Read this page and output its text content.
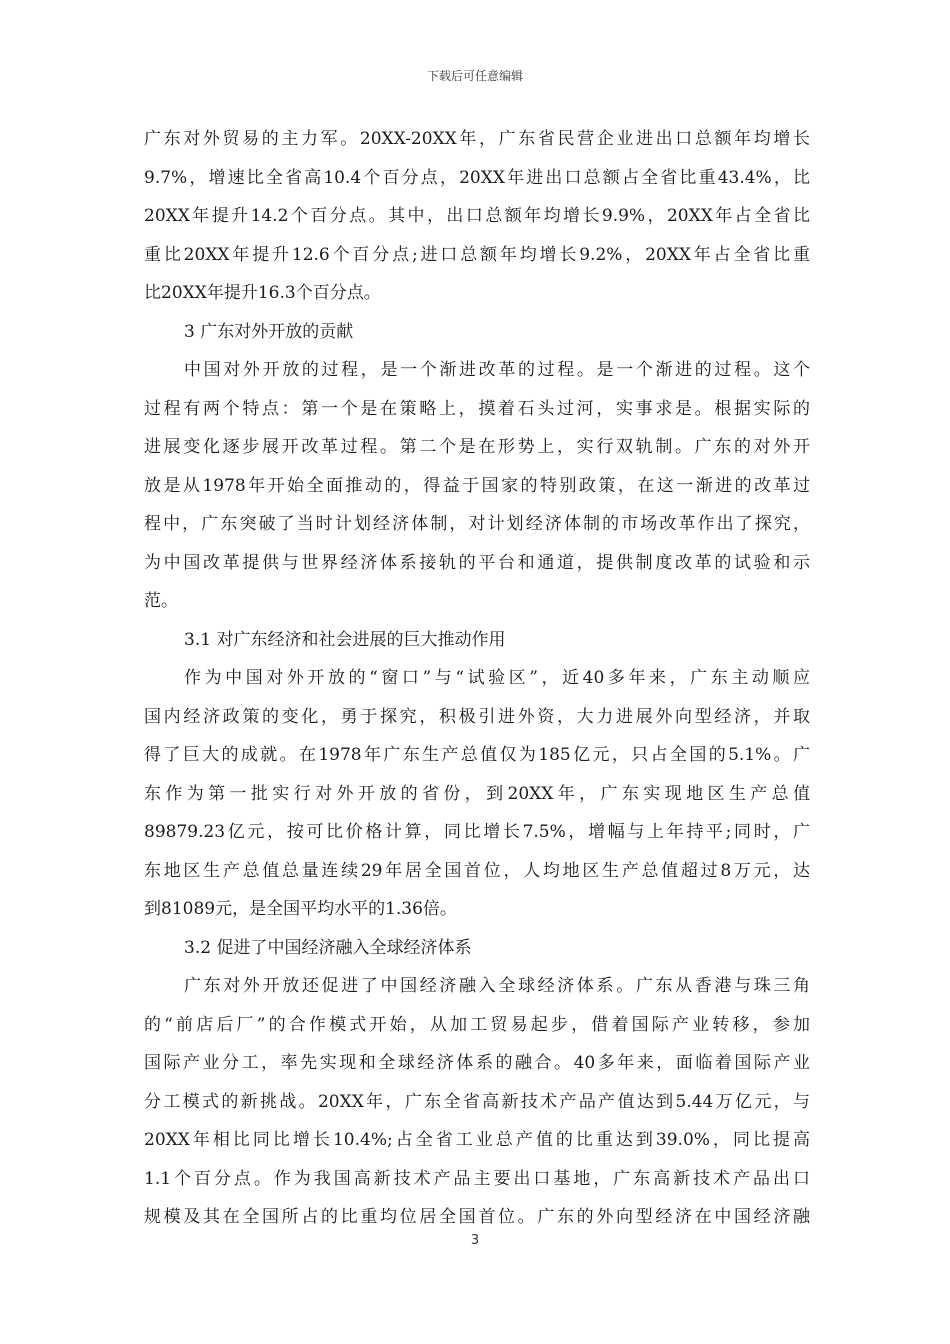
下载后可任意编辑
广东对外贸易的主力军。20XX-20XX年，广东省民营企业进出口总额年均增长
9.7%，增速比全省高10.4个百分点，20XX年进出口总额占全省比重43.4%，比
20XX年提升14.2个百分点。其中，出口总额年均增长9.9%，20XX年占全省比
重比20XX年提升12.6个百分点;进口总额年均增长9.2%，20XX年占全省比重
比20XX年提升16.3个百分点。
3 广东对外开放的贡献
中国对外开放的过程，是一个渐进改革的过程。是一个渐进的过程。这个
过程有两个特点：第一个是在策略上，摸着石头过河，实事求是。根据实际的
进展变化逐步展开改革过程。第二个是在形势上，实行双轨制。广东的对外开
放是从1978年开始全面推动的，得益于国家的特别政策，在这一渐进的改革过
程中，广东突破了当时计划经济体制，对计划经济体制的市场改革作出了探究，
为中国改革提供与世界经济体系接轨的平台和通道，提供制度改革的试验和示
范。
3.1 对广东经济和社会进展的巨大推动作用
作为中国对外开放的“窗口”与“试验区”，近40多年来，广东主动顺应
国内经济政策的变化，勇于探究，积极引进外资，大力进展外向型经济，并取
得了巨大的成就。在1978年广东生产总值仅为185亿元，只占全国的5.1%。广
东作为第一批实行对外开放的省份，到20XX年，广东实现地区生产总值
89879.23亿元，按可比价格计算，同比增长7.5%，增幅与上年持平;同时，广
东地区生产总值总量连续29年居全国首位，人均地区生产总值超过8万元，达
到81089元，是全国平均水平的1.36倍。
3.2 促进了中国经济融入全球经济体系
广东对外开放还促进了中国经济融入全球经济体系。广东从香港与珠三角
的“前店后厂”的合作模式开始，从加工贸易起步，借着国际产业转移，参加
国际产业分工，率先实现和全球经济体系的融合。40多年来，面临着国际产业
分工模式的新挑战。20XX年，广东全省高新技术产品产值达到5.44万亿元，与
20XX年相比同比增长10.4%;占全省工业总产值的比重达到39.0%，同比提高
1.1个百分点。作为我国高新技术产品主要出口基地，广东高新技术产品出口
规模及其在全国所占的比重均位居全国首位。广东的外向型经济在中国经济融
3
